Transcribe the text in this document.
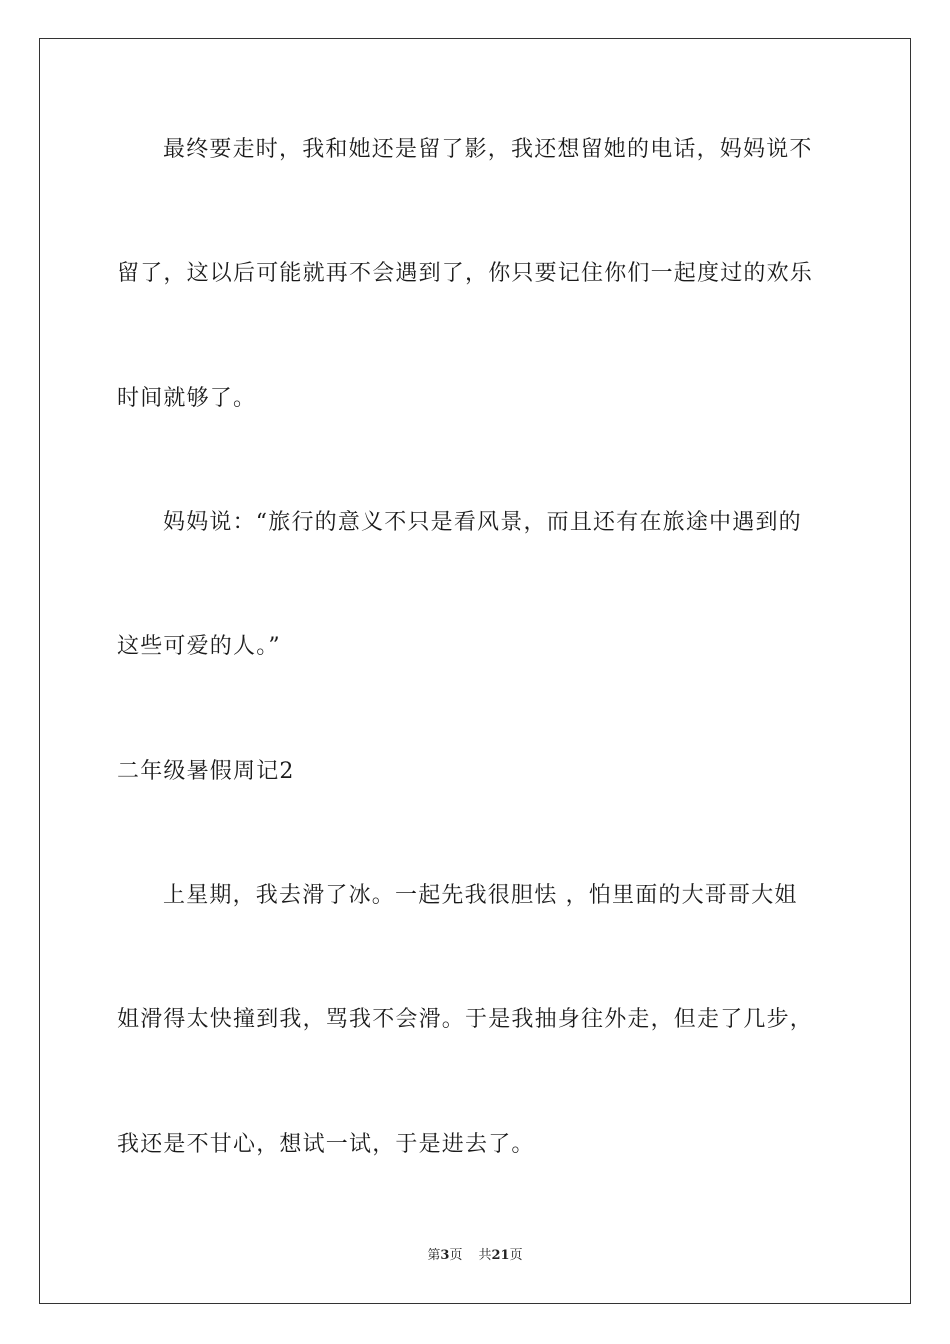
最终要走时，我和她还是留了影，我还想留她的电话，妈妈说不
留了，这以后可能就再不会遇到了，你只要记住你们一起度过的欢乐
时间就够了。
妈妈说：“旅行的意义不只是看风景，而且还有在旅途中遇到的
这些可爱的人。”
二年级暑假周记2
上星期，我去滑了冰。一起先我很胆怯 ，怕里面的大哥哥大姐
姐滑得太快撞到我，骂我不会滑。于是我抽身往外走，但走了几步，
我还是不甘心，想试一试，于是进去了。
第3页 共21页
